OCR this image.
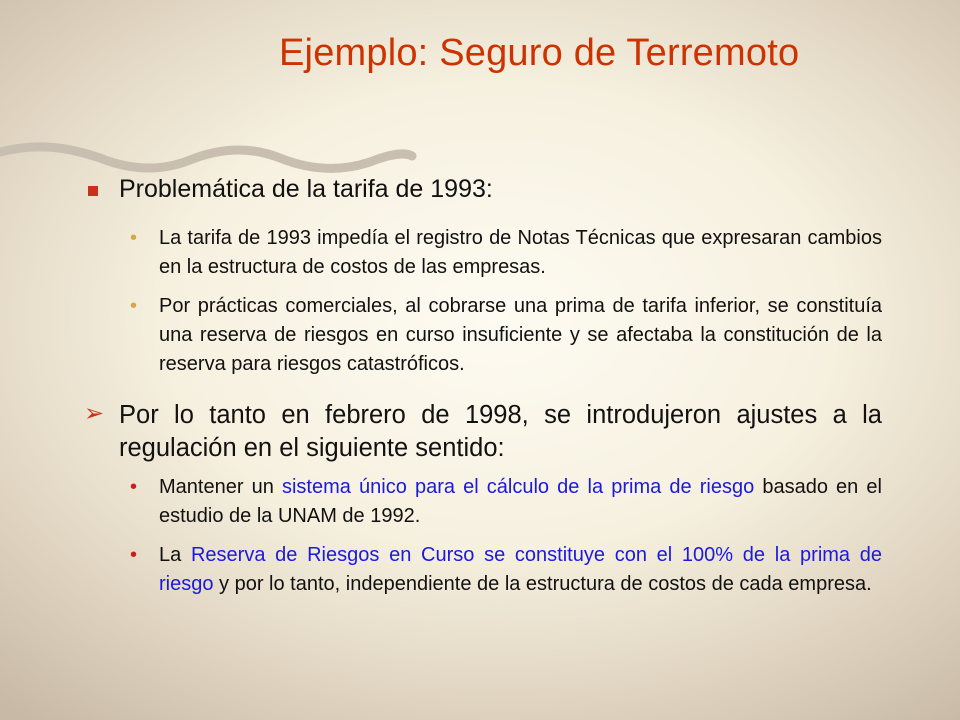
Ejemplo: Seguro de Terremoto
Problemática de la tarifa de 1993:
• La tarifa de 1993 impedía el registro de Notas Técnicas que expresaran cambios en la estructura de costos de las empresas.
• Por prácticas comerciales, al cobrarse una prima de tarifa inferior, se constituía una reserva de riesgos en curso insuficiente y se afectaba la constitución de la reserva para riesgos catastróficos.
➢ Por lo tanto en febrero de 1998, se introdujeron ajustes a la regulación en el siguiente sentido:
• Mantener un sistema único para el cálculo de la prima de riesgo basado en el estudio de la UNAM de 1992.
• La Reserva de Riesgos en Curso se constituye con el 100% de la prima de riesgo y por lo tanto, independiente de la estructura de costos de cada empresa.
